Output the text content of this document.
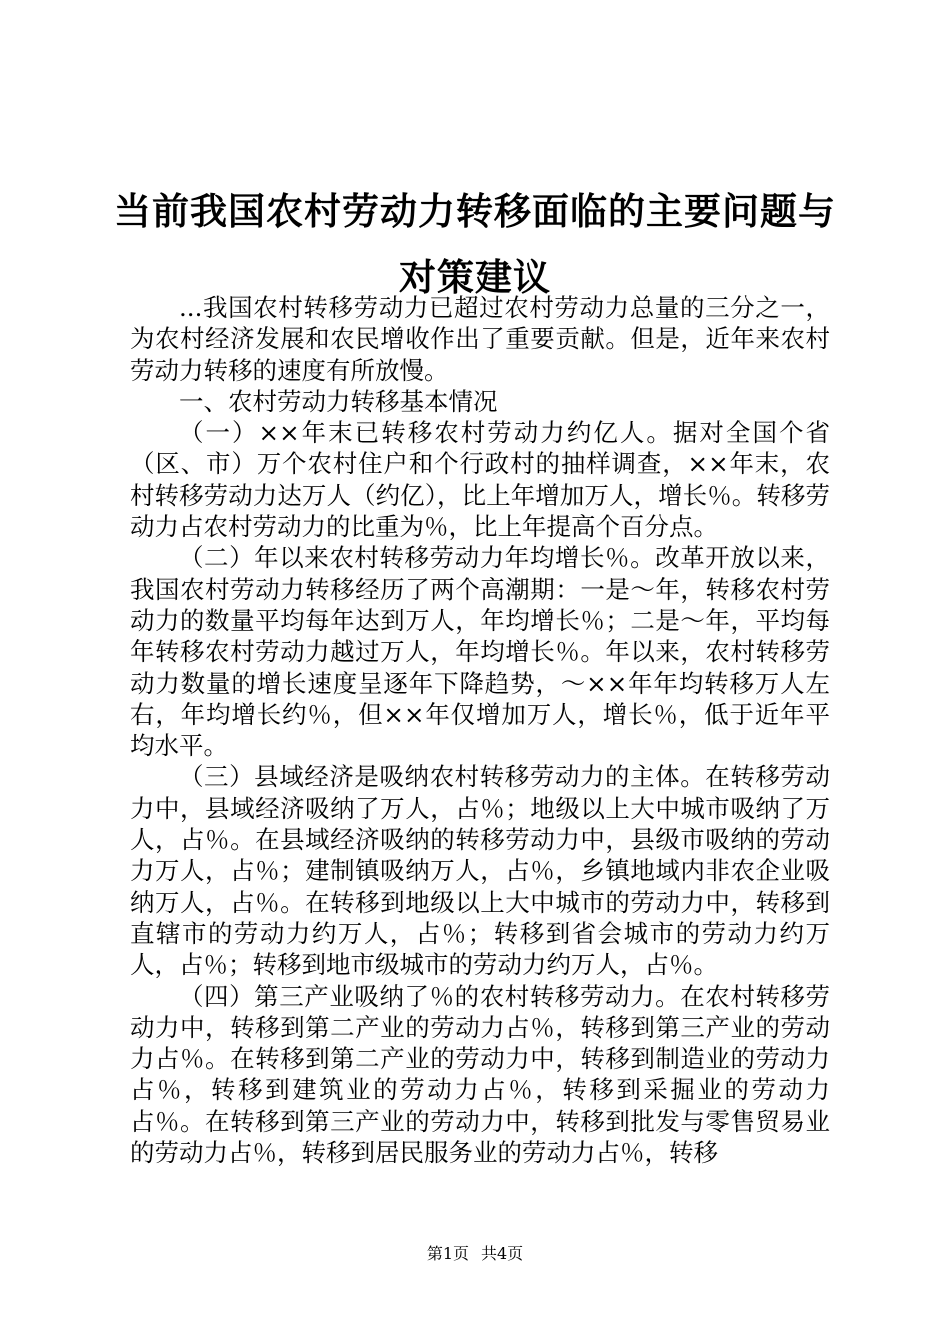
当前我国农村劳动力转移面临的主要问题与对策建议

...我国农村转移劳动力已超过农村劳动力总量的三分之一，为农村经济发展和农民增收作出了重要贡献。但是，近年来农村劳动力转移的速度有所放慢。

一、农村劳动力转移基本情况

（一）××年末已转移农村劳动力约亿人。据对全国个省（区、市）万个农村住户和个行政村的抽样调查，××年末，农村转移劳动力达万人（约亿），比上年增加万人，增长％。转移劳动力占农村劳动力的比重为％，比上年提高个百分点。

（二）年以来农村转移劳动力年均增长％。改革开放以来，我国农村劳动力转移经历了两个高潮期：一是～年，转移农村劳动力的数量平均每年达到万人，年均增长％；二是～年，平均每年转移农村劳动力越过万人，年均增长％。年以来，农村转移劳动力数量的增长速度呈逐年下降趋势，～××年年均转移万人左右，年均增长约％，但××年仅增加万人，增长％，低于近年平均水平。

（三）县域经济是吸纳农村转移劳动力的主体。在转移劳动力中，县域经济吸纳了万人，占％；地级以上大中城市吸纳了万人，占％。在县域经济吸纳的转移劳动力中，县级市吸纳的劳动力万人，占％；建制镇吸纳万人，占％，乡镇地域内非农企业吸纳万人，占％。在转移到地级以上大中城市的劳动力中，转移到直辖市的劳动力约万人，占％；转移到省会城市的劳动力约万人，占％；转移到地市级城市的劳动力约万人，占％。

（四）第三产业吸纳了％的农村转移劳动力。在农村转移劳动力中，转移到第二产业的劳动力占％，转移到第三产业的劳动力占％。在转移到第二产业的劳动力中，转移到制造业的劳动力占％，转移到建筑业的劳动力占％，转移到采掘业的劳动力占％。在转移到第三产业的劳动力中，转移到批发与零售贸易业的劳动力占％，转移到居民服务业的劳动力占％，转移

第1页 共4页
